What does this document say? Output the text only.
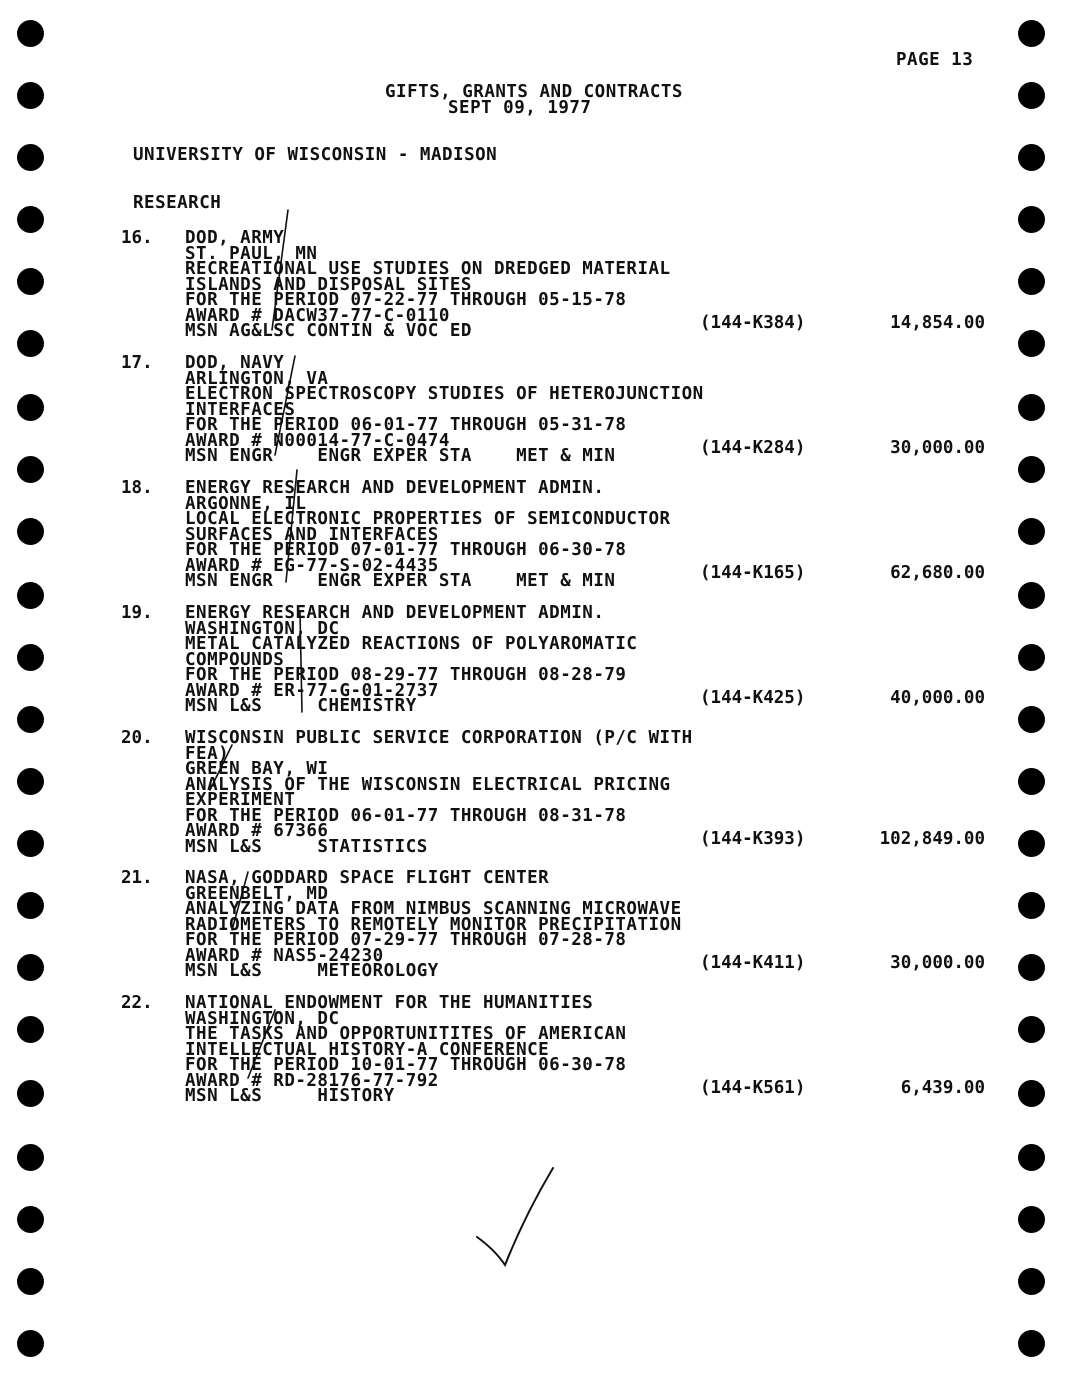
PAGE 13
GIFTS, GRANTS AND CONTRACTS
SEPT 09, 1977
UNIVERSITY OF WISCONSIN - MADISON
RESEARCH
16. DOD, ARMY
ST. PAUL, MN
RECREATIONAL USE STUDIES ON DREDGED MATERIAL
ISLANDS AND DISPOSAL SITES
FOR THE PERIOD 07-22-77 THROUGH 05-15-78
AWARD # DACW37-77-C-0110
MSN AG&LSC CONTIN & VOC ED	(144-K384)	14,854.00
17. DOD, NAVY
ARLINGTON, VA
ELECTRON SPECTROSCOPY STUDIES OF HETEROJUNCTION
INTERFACES
FOR THE PERIOD 06-01-77 THROUGH 05-31-78
AWARD # N00014-77-C-0474
MSN ENGR    ENGR EXPER STA    MET & MIN	(144-K284)	30,000.00
18. ENERGY RESEARCH AND DEVELOPMENT ADMIN.
ARGONNE, IL
LOCAL ELECTRONIC PROPERTIES OF SEMICONDUCTOR
SURFACES AND INTERFACES
FOR THE PERIOD 07-01-77 THROUGH 06-30-78
AWARD # EG-77-S-02-4435
MSN ENGR    ENGR EXPER STA    MET & MIN	(144-K165)	62,680.00
19. ENERGY RESEARCH AND DEVELOPMENT ADMIN.
WASHINGTON, DC
METAL CATALYZED REACTIONS OF POLYAROMATIC
COMPOUNDS
FOR THE PERIOD 08-29-77 THROUGH 08-28-79
AWARD # ER-77-G-01-2737
MSN L&S     CHEMISTRY	(144-K425)	40,000.00
20. WISCONSIN PUBLIC SERVICE CORPORATION (P/C WITH
FEA)
GREEN BAY, WI
ANALYSIS OF THE WISCONSIN ELECTRICAL PRICING
EXPERIMENT
FOR THE PERIOD 06-01-77 THROUGH 08-31-78
AWARD # 67366
MSN L&S     STATISTICS	(144-K393)	102,849.00
21. NASA, GODDARD SPACE FLIGHT CENTER
GREENBELT, MD
ANALYZING DATA FROM NIMBUS SCANNING MICROWAVE
RADIOMETERS TO REMOTELY MONITOR PRECIPITATION
FOR THE PERIOD 07-29-77 THROUGH 07-28-78
AWARD # NAS5-24230
MSN L&S     METEOROLOGY	(144-K411)	30,000.00
22. NATIONAL ENDOWMENT FOR THE HUMANITIES
WASHINGTON, DC
THE TASKS AND OPPORTUNITITES OF AMERICAN
INTELLECTUAL HISTORY-A CONFERENCE
FOR THE PERIOD 10-01-77 THROUGH 06-30-78
AWARD # RD-28176-77-792
MSN L&S     HISTORY	(144-K561)	6,439.00
